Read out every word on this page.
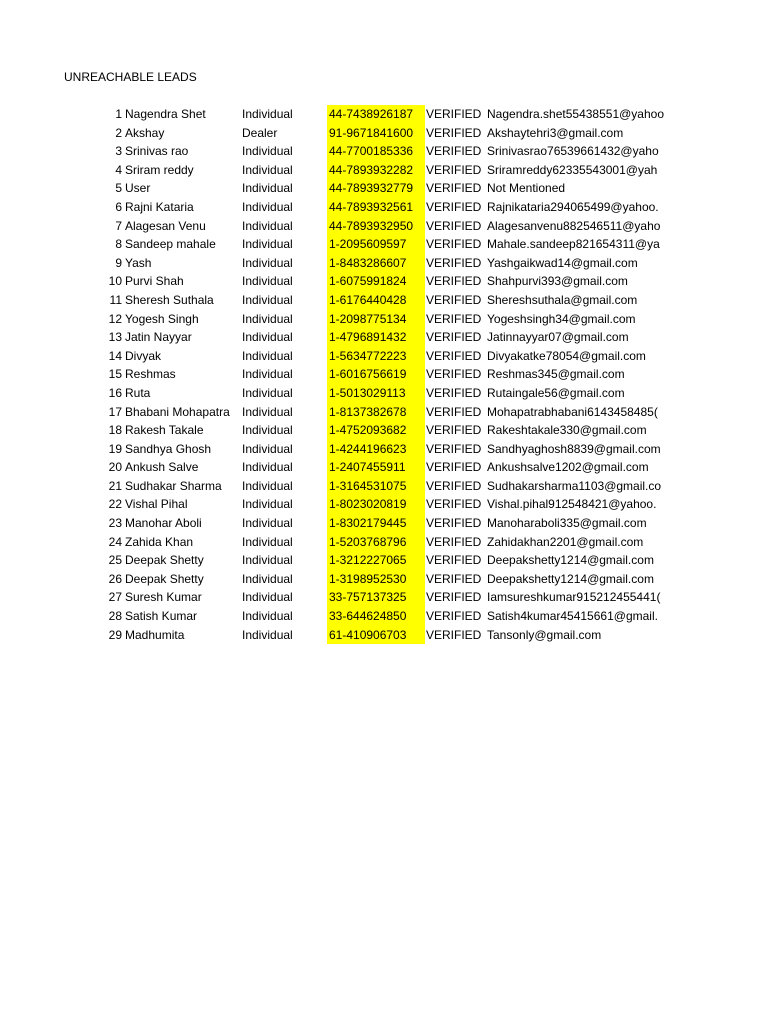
UNREACHABLE LEADS
1 Nagendra Shet	Individual	44-7438926187	VERIFIED Nagendra.shet55438551@yahoo
2 Akshay	Dealer	91-9671841600	VERIFIED Akshaytehri3@gmail.com
3 Srinivas rao	Individual	44-7700185336	VERIFIED Srinivasrao76539661432@yaho
4 Sriram reddy	Individual	44-7893932282	VERIFIED Sriramreddy62335543001@yah
5 User	Individual	44-7893932779	VERIFIED Not Mentioned
6 Rajni Kataria	Individual	44-7893932561	VERIFIED Rajnikataria294065499@yahoo.
7 Alagesan Venu	Individual	44-7893932950	VERIFIED Alagesanvenu882546511@yaho
8 Sandeep mahale	Individual	1-2095609597	VERIFIED Mahale.sandeep821654311@ya
9 Yash	Individual	1-8483286607	VERIFIED Yashgaikwad14@gmail.com
10 Purvi Shah	Individual	1-6075991824	VERIFIED Shahpurvi393@gmail.com
11 Sheresh Suthala	Individual	1-6176440428	VERIFIED Shereshsuthala@gmail.com
12 Yogesh Singh	Individual	1-2098775134	VERIFIED Yogeshsingh34@gmail.com
13 Jatin Nayyar	Individual	1-4796891432	VERIFIED Jatinnayyar07@gmail.com
14 Divyak	Individual	1-5634772223	VERIFIED Divyakatke78054@gmail.com
15 Reshmas	Individual	1-6016756619	VERIFIED Reshmas345@gmail.com
16 Ruta	Individual	1-5013029113	VERIFIED Rutaingale56@gmail.com
17 Bhabani Mohapatra	Individual	1-8137382678	VERIFIED Mohapatrabhabani6143458485(
18 Rakesh Takale	Individual	1-4752093682	VERIFIED Rakeshtakale330@gmail.com
19 Sandhya Ghosh	Individual	1-4244196623	VERIFIED Sandhyaghosh8839@gmail.com
20 Ankush Salve	Individual	1-2407455911	VERIFIED Ankushsalve1202@gmail.com
21 Sudhakar Sharma	Individual	1-3164531075	VERIFIED Sudhakarsharma1103@gmail.co
22 Vishal Pihal	Individual	1-8023020819	VERIFIED Vishal.pihal912548421@yahoo.
23 Manohar Aboli	Individual	1-8302179445	VERIFIED Manoharaboli335@gmail.com
24 Zahida Khan	Individual	1-5203768796	VERIFIED Zahidakhan2201@gmail.com
25 Deepak Shetty	Individual	1-3212227065	VERIFIED Deepakshetty1214@gmail.com
26 Deepak Shetty	Individual	1-3198952530	VERIFIED Deepakshetty1214@gmail.com
27 Suresh Kumar	Individual	33-757137325	VERIFIED Iamsureshkumar915212455441(
28 Satish Kumar	Individual	33-644624850	VERIFIED Satish4kumar45415661@gmail.
29 Madhumita	Individual	61-410906703	VERIFIED Tansonly@gmail.com
